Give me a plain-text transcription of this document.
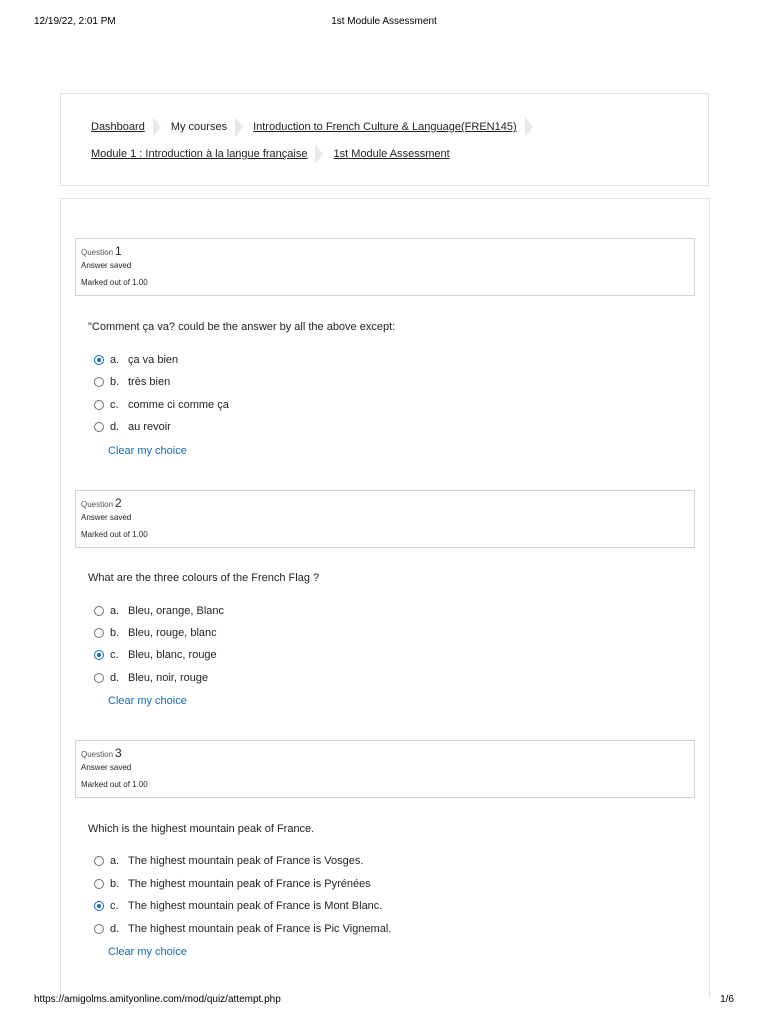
12/19/22, 2:01 PM	1st Module Assessment
Dashboard My courses Introduction to French Culture & Language(FREN145)
Module 1 : Introduction à la langue française 1st Module Assessment
Question 1
Answer saved
Marked out of 1.00
"Comment ça va? could be the answer by all the above except:
a. ça va bien
b. très bien
c. comme ci comme ça
d. au revoir
Clear my choice
Question 2
Answer saved
Marked out of 1.00
What are the three colours of the French Flag ?
a. Bleu, orange, Blanc
b. Bleu, rouge, blanc
c. Bleu, blanc, rouge
d. Bleu, noir, rouge
Clear my choice
Question 3
Answer saved
Marked out of 1.00
Which is the highest mountain peak of France.
a. The highest mountain peak of France is Vosges.
b. The highest mountain peak of France is Pyrénées
c. The highest mountain peak of France is Mont Blanc.
d. The highest mountain peak of France is Pic Vignemal.
Clear my choice
https://amigolms.amityonline.com/mod/quiz/attempt.php	1/6
